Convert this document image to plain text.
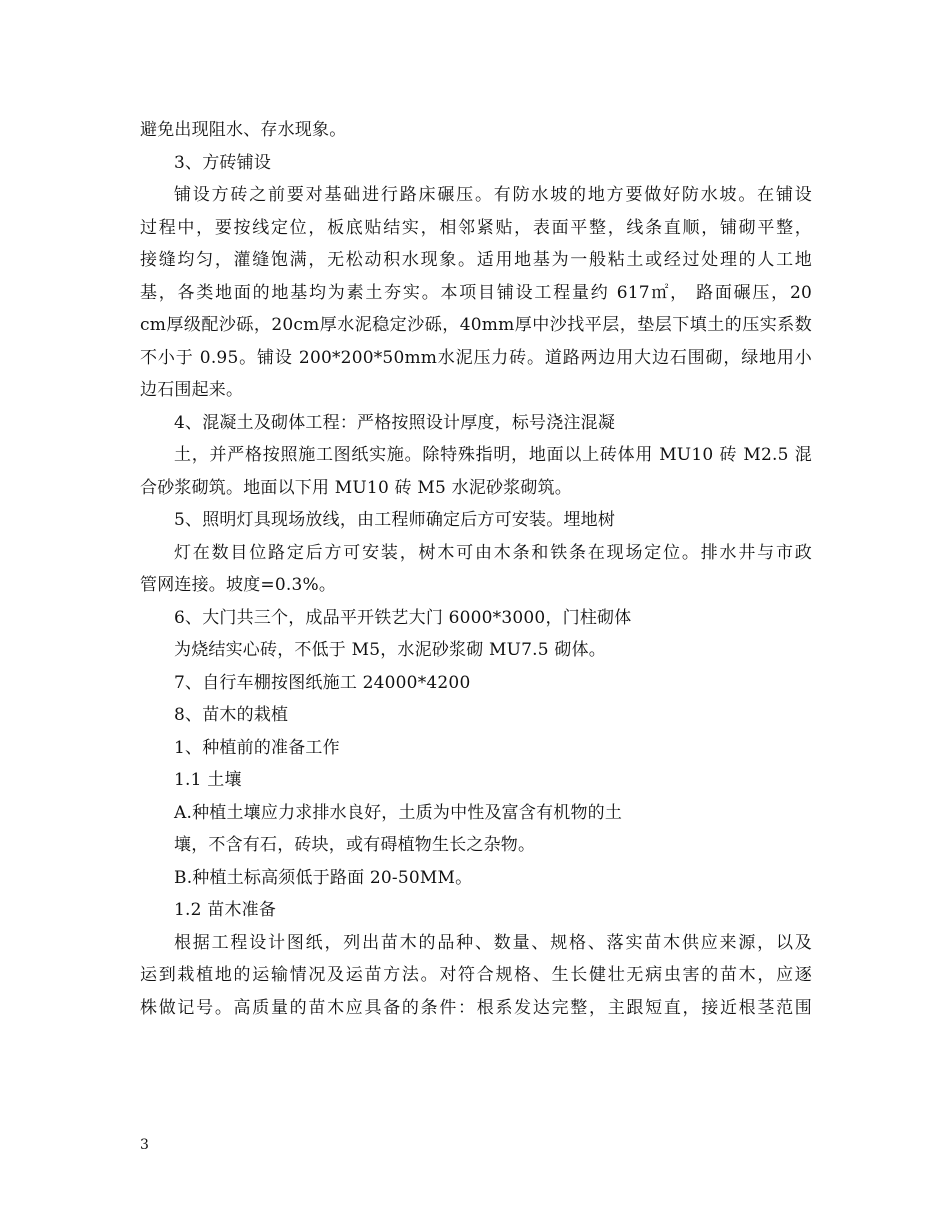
避免出现阻水、存水现象。
3、方砖铺设
铺设方砖之前要对基础进行路床碾压。有防水坡的地方要做好防水坡。在铺设
过程中，要按线定位，板底贴结实，相邻紧贴，表面平整，线条直顺，铺砌平整，
接缝均匀，灌缝饱满，无松动积水现象。适用地基为一般粘土或经过处理的人工地
基，各类地面的地基均为素土夯实。本项目铺设工程量约 617㎡， 路面碾压，20
cm厚级配沙砾，20cm厚水泥稳定沙砾，40mm厚中沙找平层，垫层下填土的压实系数
不小于 0.95。铺设 200*200*50mm水泥压力砖。道路两边用大边石围砌，绿地用小
边石围起来。
4、混凝土及砌体工程：严格按照设计厚度，标号浇注混凝
土，并严格按照施工图纸实施。除特殊指明，地面以上砖体用 MU10 砖 M2.5 混
合砂浆砌筑。地面以下用 MU10 砖 M5 水泥砂浆砌筑。
5、照明灯具现场放线，由工程师确定后方可安装。埋地树
灯在数目位路定后方可安装，树木可由木条和铁条在现场定位。排水井与市政
管网连接。坡度=0.3%。
6、大门共三个，成品平开铁艺大门 6000*3000，门柱砌体
为烧结实心砖，不低于 M5，水泥砂浆砌 MU7.5 砌体。
7、自行车棚按图纸施工 24000*4200
8、苗木的栽植
1、种植前的准备工作
1.1 土壤
A.种植土壤应力求排水良好，土质为中性及富含有机物的土
壤，不含有石，砖块，或有碍植物生长之杂物。
B.种植土标高须低于路面 20-50MM。
1.2 苗木准备
根据工程设计图纸，列出苗木的品种、数量、规格、落实苗木供应来源，以及
运到栽植地的运输情况及运苗方法。对符合规格、生长健壮无病虫害的苗木，应逐
株做记号。高质量的苗木应具备的条件：根系发达完整，主跟短直，接近根茎范围
3
